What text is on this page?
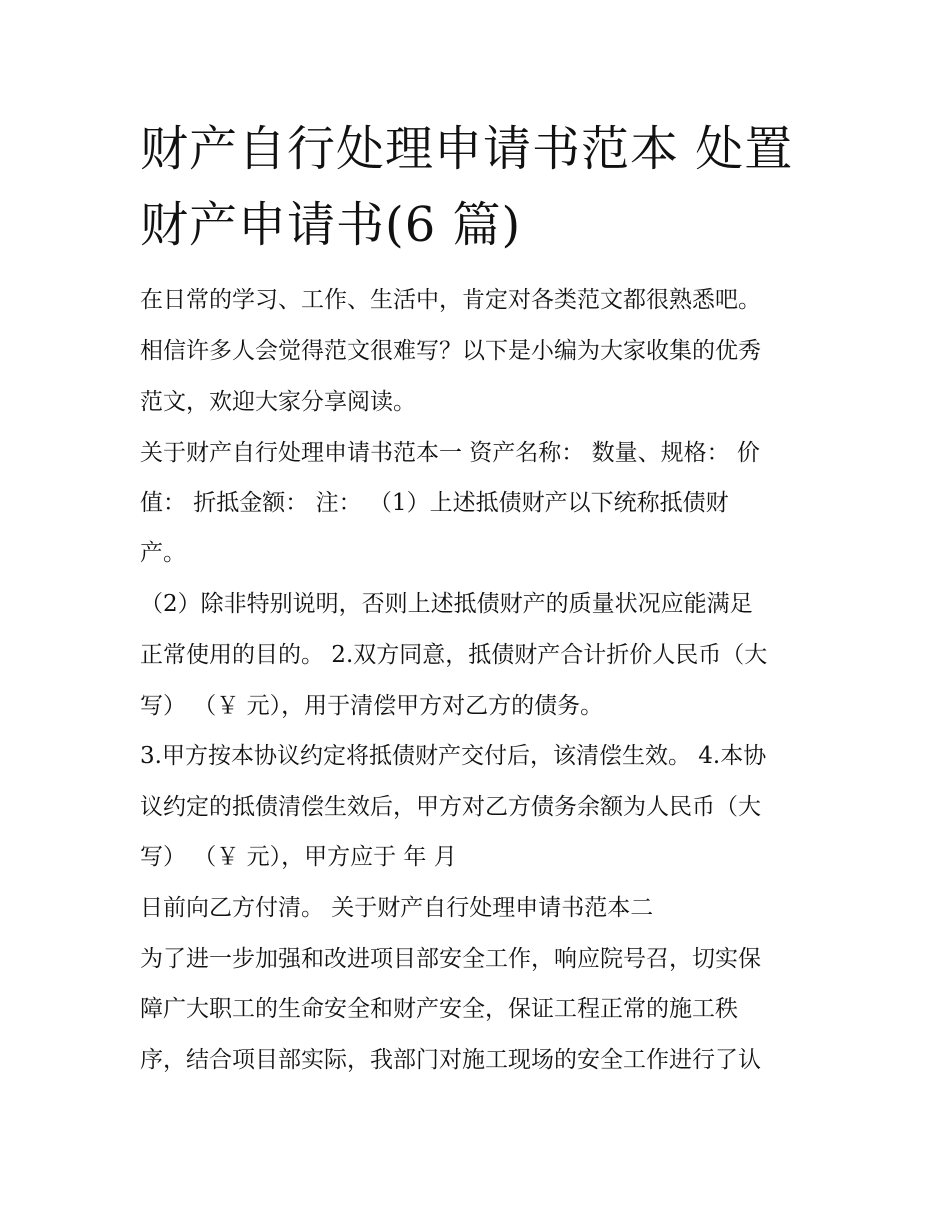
财产自行处理申请书范本 处置
财产申请书(6 篇)

在日常的学习、工作、生活中，肯定对各类范文都很熟悉吧。

相信许多人会觉得范文很难写？以下是小编为大家收集的优秀

范文，欢迎大家分享阅读。

关于财产自行处理申请书范本一 资产名称： 数量、规格： 价

值： 折抵金额： 注： （1）上述抵债财产以下统称抵债财

产。

（2）除非特别说明，否则上述抵债财产的质量状况应能满足

正常使用的目的。 2.双方同意，抵债财产合计折价人民币（大

写） （￥ 元），用于清偿甲方对乙方的债务。

3.甲方按本协议约定将抵债财产交付后，该清偿生效。 4.本协

议约定的抵债清偿生效后，甲方对乙方债务余额为人民币（大

写） （￥ 元），甲方应于 年 月

日前向乙方付清。 关于财产自行处理申请书范本二

为了进一步加强和改进项目部安全工作，响应院号召，切实保

障广大职工的生命安全和财产安全，保证工程正常的施工秩

序，结合项目部实际，我部门对施工现场的安全工作进行了认
